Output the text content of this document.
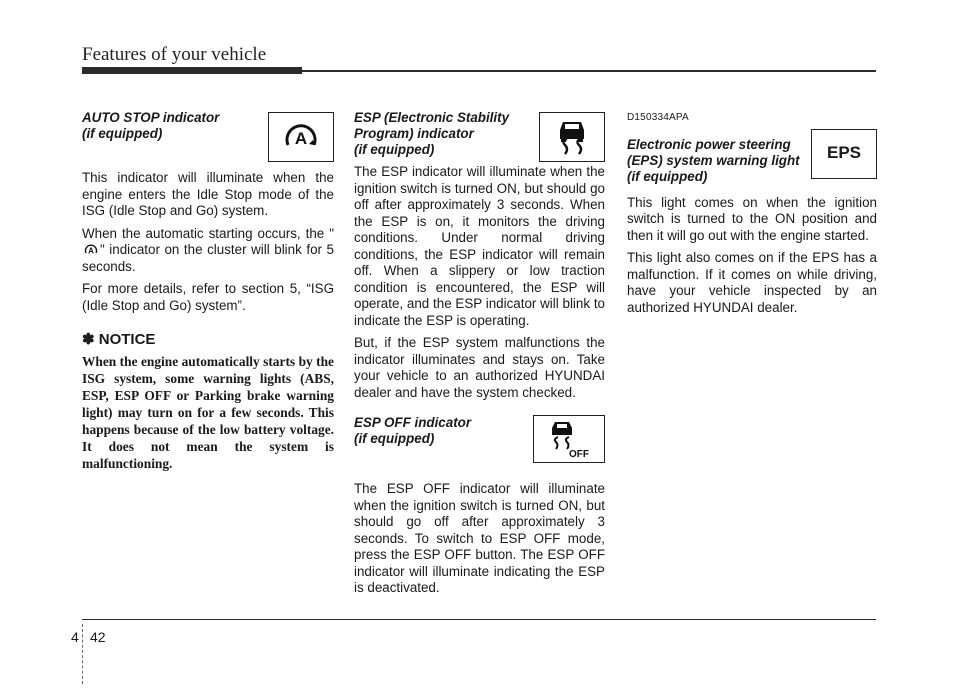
Features of your vehicle
AUTO STOP indicator
(if equipped)	A

This indicator will illuminate when the engine enters the Idle Stop mode of the ISG (Idle Stop and Go) system.

When the automatic starting occurs, the "
A " indicator on the cluster will blink for 5 seconds.

For more details, refer to section 5, “ISG (Idle Stop and Go) system”.

✽ NOTICE

When the engine automatically starts by the ISG system, some warning lights (ABS, ESP, ESP OFF or Parking brake warning light) may turn on for a few seconds. This happens because of the low battery voltage. It does not mean the system is malfunctioning.

ESP (Electronic Stability
Program) indicator
(if equipped)

The ESP indicator will illuminate when the ignition switch is turned ON, but should go off after approximately 3 seconds. When the ESP is on, it monitors the driving conditions. Under normal driving conditions, the ESP indicator will remain off. When a slippery or low traction condition is encountered, the ESP will operate, and the ESP indicator will blink to indicate the ESP is operating.

But, if the ESP system malfunctions the indicator illuminates and stays on. Take your vehicle to an authorized HYUNDAI dealer and have the system checked.

ESP OFF indicator
(if equipped)
OFF

The ESP OFF indicator will illuminate when the ignition switch is turned ON, but should go off after approximately 3 seconds. To switch to ESP OFF mode, press the ESP OFF button. The ESP OFF indicator will illuminate indicating the ESP is deactivated.

D150334APA
Electronic power steering
(EPS) system warning light
(if equipped)
EPS

This light comes on when the ignition switch is turned to the ON position and then it will go out with the engine started.

This light also comes on if the EPS has a malfunction. If it comes on while driving, have your vehicle inspected by an authorized HYUNDAI dealer.

4 42
